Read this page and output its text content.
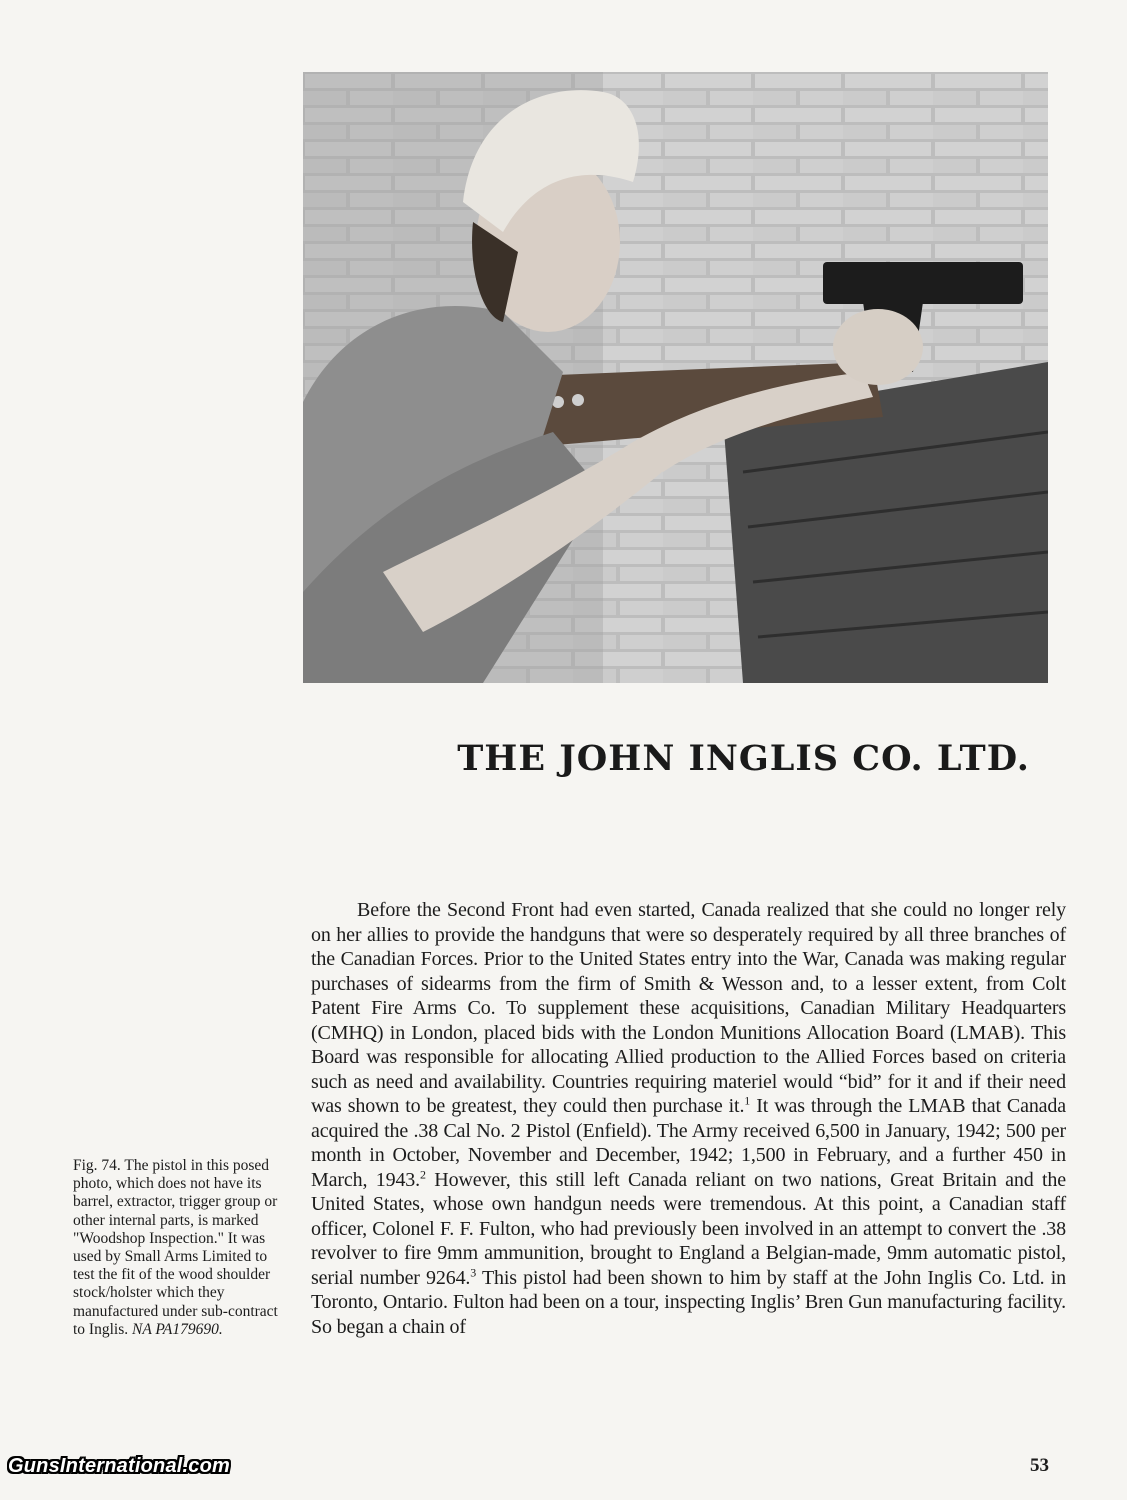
THE JOHN INGLIS CO. LTD.

Fig. 74. The pistol in this posed photo, which does not have its barrel, extractor, trigger group or other internal parts, is marked "Woodshop Inspection." It was used by Small Arms Limited to test the fit of the wood shoulder stock/holster which they manufactured under sub-contract to Inglis. NA PA179690.

Before the Second Front had even started, Canada realized that she could no longer rely on her allies to provide the handguns that were so desperately required by all three branches of the Canadian Forces. Prior to the United States entry into the War, Canada was making regular purchases of sidearms from the firm of Smith & Wesson and, to a lesser extent, from Colt Patent Fire Arms Co. To supplement these acquisitions, Canadian Military Headquarters (CMHQ) in London, placed bids with the London Munitions Allocation Board (LMAB). This Board was responsible for allocating Allied production to the Allied Forces based on criteria such as need and availability. Countries requiring materiel would “bid” for it and if their need was shown to be greatest, they could then purchase it.$^1$ It was through the LMAB that Canada acquired the .38 Cal No. 2 Pistol (Enfield). The Army received 6,500 in January, 1942; 500 per month in October, November and December, 1942; 1,500 in February, and a further 450 in March, 1943.$^2$ However, this still left Canada reliant on two nations, Great Britain and the United States, whose own handgun needs were tremendous. At this point, a Canadian staff officer, Colonel F. F. Fulton, who had previously been involved in an attempt to convert the .38 revolver to fire 9mm ammunition, brought to England a Belgian-made, 9mm automatic pistol, serial number 9264.$^3$ This pistol had been shown to him by staff at the John Inglis Co. Ltd. in Toronto, Ontario. Fulton had been on a tour, inspecting Inglis’ Bren Gun manufacturing facility. So began a chain of

53

GunsInternational.com
